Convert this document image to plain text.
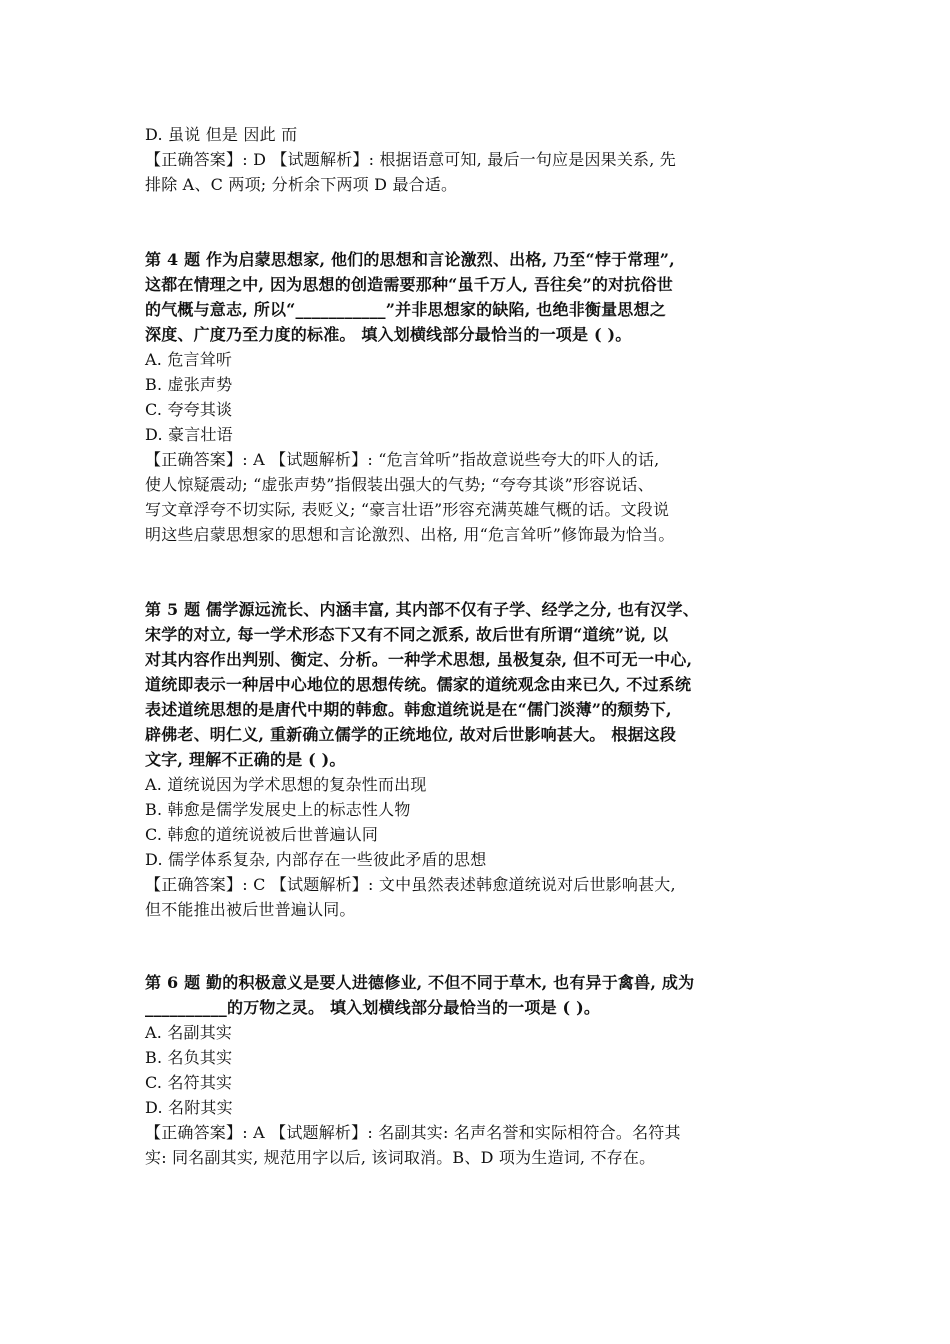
D. 虽说 但是 因此 而
【正确答案】: D 【试题解析】: 根据语意可知, 最后一句应是因果关系, 先
排除 A、C 两项; 分析余下两项 D 最合适。
第 4 题 作为启蒙思想家, 他们的思想和言论激烈、出格, 乃至“悖于常理”,
这都在情理之中, 因为思想的创造需要那种“虽千万人, 吾往矣”的对抗俗世
的气概与意志, 所以“___________”并非思想家的缺陷, 也绝非衡量思想之
深度、广度乃至力度的标准。 填入划横线部分最恰当的一项是 ( )。
A. 危言耸听
B. 虚张声势
C. 夸夸其谈
D. 豪言壮语
【正确答案】: A 【试题解析】: “危言耸听”指故意说些夸大的吓人的话,
使人惊疑震动; “虚张声势”指假装出强大的气势; “夸夸其谈”形容说话、
写文章浮夸不切实际, 表贬义; “豪言壮语”形容充满英雄气概的话。文段说
明这些启蒙思想家的思想和言论激烈、出格, 用“危言耸听”修饰最为恰当。
第 5 题 儒学源远流长、内涵丰富, 其内部不仅有子学、经学之分, 也有汉学、
宋学的对立, 每一学术形态下又有不同之派系, 故后世有所谓“道统”说, 以
对其内容作出判别、衡定、分析。一种学术思想, 虽极复杂, 但不可无一中心,
道统即表示一种居中心地位的思想传统。儒家的道统观念由来已久, 不过系统
表述道统思想的是唐代中期的韩愈。韩愈道统说是在“儒门淡薄”的颓势下,
辟佛老、明仁义, 重新确立儒学的正统地位, 故对后世影响甚大。 根据这段
文字, 理解不正确的是 ( )。
A. 道统说因为学术思想的复杂性而出现
B. 韩愈是儒学发展史上的标志性人物
C. 韩愈的道统说被后世普遍认同
D. 儒学体系复杂, 内部存在一些彼此矛盾的思想
【正确答案】: C 【试题解析】: 文中虽然表述韩愈道统说对后世影响甚大,
但不能推出被后世普遍认同。
第 6 题 勤的积极意义是要人进德修业, 不但不同于草木, 也有异于禽兽, 成为
__________的万物之灵。 填入划横线部分最恰当的一项是 ( )。
A. 名副其实
B. 名负其实
C. 名符其实
D. 名附其实
【正确答案】: A 【试题解析】: 名副其实: 名声名誉和实际相符合。名符其
实: 同名副其实, 规范用字以后, 该词取消。B、D 项为生造词, 不存在。
